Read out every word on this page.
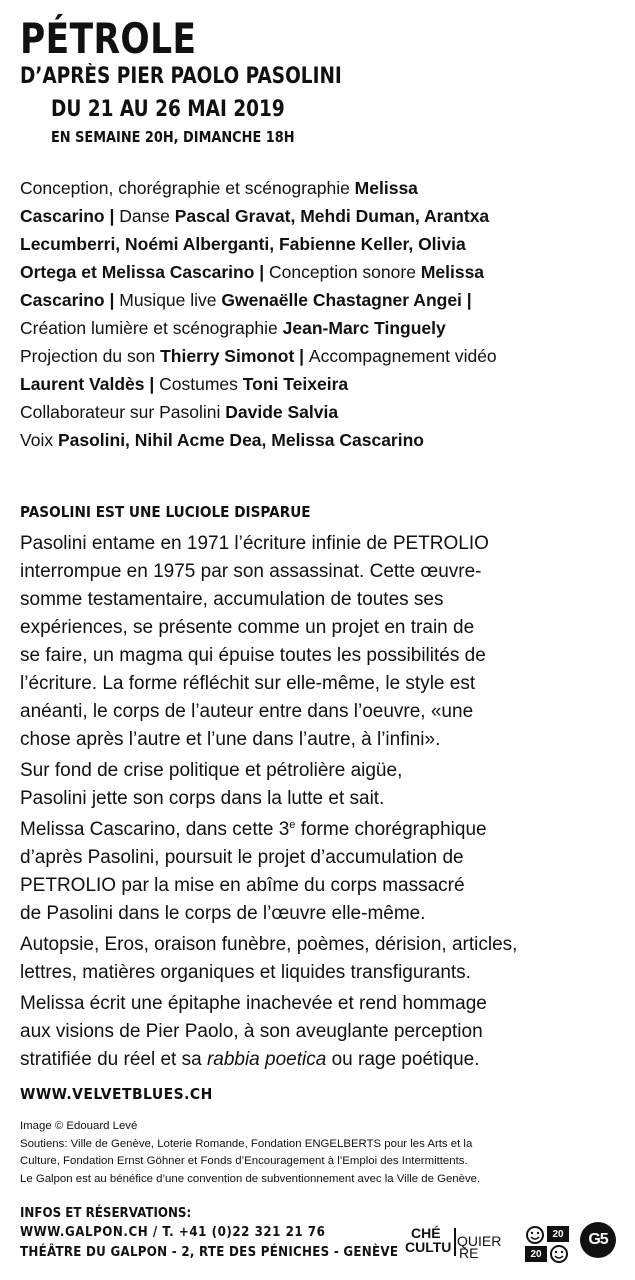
PÉTROLE
D’APRÈS PIER PAOLO PASOLINI
DU 21 AU 26 MAI 2019
EN SEMAINE 20H, DIMANCHE 18H
Conception, chorégraphie et scénographie Melissa
Cascarino | Danse Pascal Gravat, Mehdi Duman, Arantxa
Lecumberri, Noémi Alberganti, Fabienne Keller, Olivia
Ortega et Melissa Cascarino | Conception sonore Melissa
Cascarino | Musique live Gwenaëlle Chastagner Angei |
Création lumière et scénographie Jean-Marc Tinguely
Projection du son Thierry Simonot | Accompagnement vidéo
Laurent Valdès | Costumes Toni Teixeira
Collaborateur sur Pasolini Davide Salvia
Voix Pasolini, Nihil Acme Dea, Melissa Cascarino
PASOLINI EST UNE LUCIOLE DISPARUE
Pasolini entame en 1971 l’écriture infinie de PETROLIO
interrompue en 1975 par son assassinat. Cette œuvre-
somme testamentaire, accumulation de toutes ses
expériences, se présente comme un projet en train de
se faire, un magma qui épuise toutes les possibilités de
l’écriture. La forme réfléchit sur elle-même, le style est
anéanti, le corps de l’auteur entre dans l’oeuvre, «une
chose après l’autre et l’une dans l’autre, à l’infini».
Sur fond de crise politique et pétrolière aigüe,
Pasolini jette son corps dans la lutte et sait.
Melissa Cascarino, dans cette 3e forme chorégraphique
d’après Pasolini, poursuit le projet d’accumulation de
PETROLIO par la mise en abîme du corps massacré
de Pasolini dans le corps de l’œuvre elle-même.
Autopsie, Eros, oraison funèbre, poèmes, dérision, articles,
lettres, matières organiques et liquides transfigurants.
Melissa écrit une épitaphe inachevée et rend hommage
aux visions de Pier Paolo, à son aveuglante perception
stratifiée du réel et sa rabbia poetica ou rage poétique.
WWW.VELVETBLUES.CH
Image © Edouard Levé
Soutiens: Ville de Genève, Loterie Romande, Fondation ENGELBERTS pour les Arts et la
Culture, Fondation Ernst Göhner et Fonds d’Encouragement à l’Emploi des Intermittents.
Le Galpon est au bénéfice d’une convention de subventionnement avec la Ville de Genève.
INFOS ET RÉSERVATIONS:
WWW.GALPON.CH / T. +41 (0)22 321 21 76
THÉÂTRE DU GALPON - 2, RTE DES PÉNICHES - GENÈVE
CHÉ
CULTU QUIER
RE
20
20
G5
